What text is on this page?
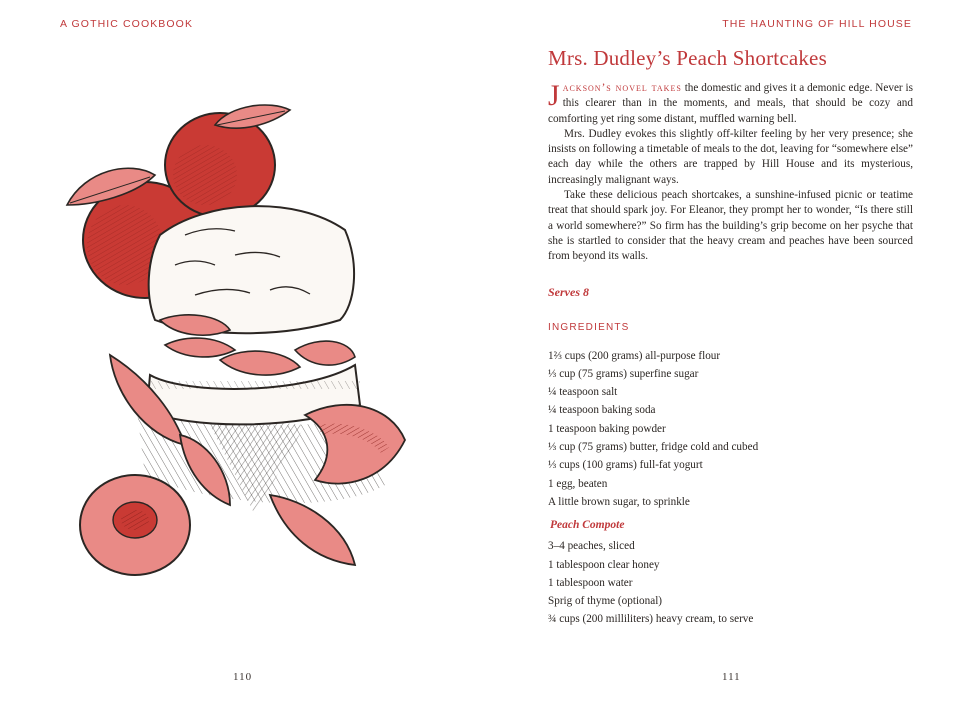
A GOTHIC COOKBOOK	THE HAUNTING OF HILL HOUSE
110
Mrs. Dudley’s Peach Shortcakes

Jackson’s novel takes the domestic and gives it a demonic edge. Never is this clearer than in the moments, and meals, that should be cozy and comforting yet ring some distant, muffled warning bell.

Mrs. Dudley evokes this slightly off-kilter feeling by her very presence; she insists on following a timetable of meals to the dot, leaving for “somewhere else” each day while the others are trapped by Hill House and its mysterious, increasingly malignant ways.

Take these delicious peach shortcakes, a sunshine-infused picnic or teatime treat that should spark joy. For Eleanor, they prompt her to wonder, “Is there still a world somewhere?” So firm has the building’s grip become on her psyche that she is startled to consider that the heavy cream and peaches have been sourced from beyond its walls.

Serves 8
INGREDIENTS
1⅔ cups (200 grams) all-purpose flour
⅓ cup (75 grams) superfine sugar
¼ teaspoon salt
¼ teaspoon baking soda
1 teaspoon baking powder
⅓ cup (75 grams) butter, fridge cold and cubed
⅓ cups (100 grams) full-fat yogurt
1 egg, beaten
A little brown sugar, to sprinkle
Peach Compote
3–4 peaches, sliced
1 tablespoon clear honey
1 tablespoon water
Sprig of thyme (optional)
¾ cups (200 milliliters) heavy cream, to serve
111
